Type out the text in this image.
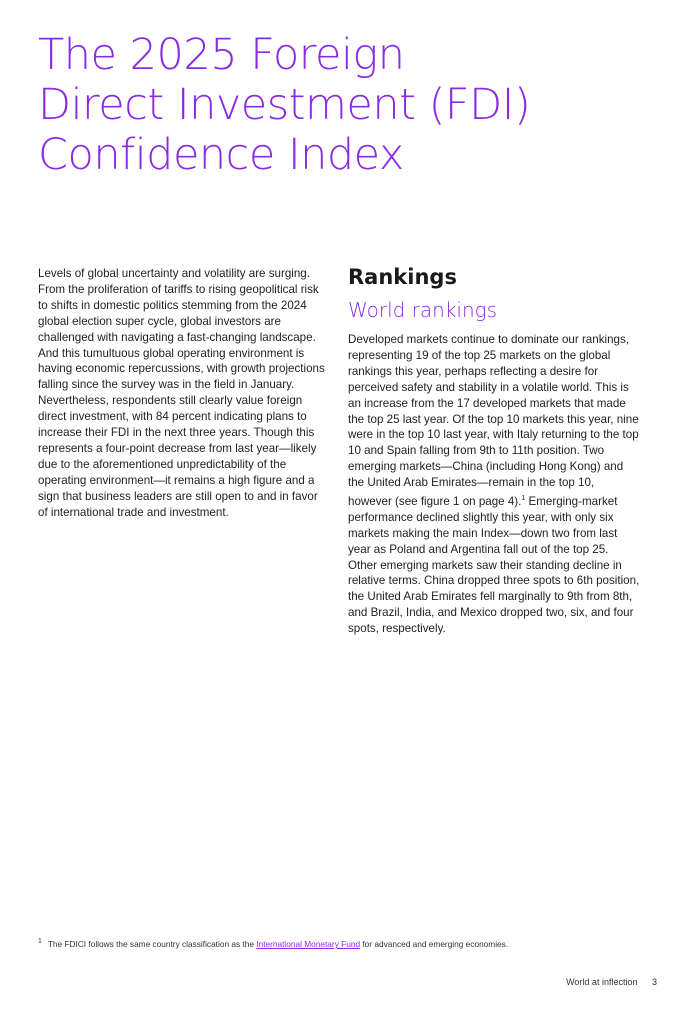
The 2025 Foreign
Direct Investment (FDI)
Confidence Index

Levels of global uncertainty and volatility are surging. From the proliferation of tariffs to rising geopolitical risk to shifts in domestic politics stemming from the 2024 global election super cycle, global investors are challenged with navigating a fast-changing landscape. And this tumultuous global operating environment is having economic repercussions, with growth projections falling since the survey was in the field in January. Nevertheless, respondents still clearly value foreign direct investment, with 84 percent indicating plans to increase their FDI in the next three years. Though this represents a four-point decrease from last year—likely due to the aforementioned unpredictability of the operating environment—it remains a high figure and a sign that business leaders are still open to and in favor of international trade and investment.

Rankings
World rankings

Developed markets continue to dominate our rankings, representing 19 of the top 25 markets on the global rankings this year, perhaps reflecting a desire for perceived safety and stability in a volatile world. This is an increase from the 17 developed markets that made the top 25 last year. Of the top 10 markets this year, nine were in the top 10 last year, with Italy returning to the top 10 and Spain falling from 9th to 11th position. Two emerging markets—China (including Hong Kong) and the United Arab Emirates—remain in the top 10, however (see figure 1 on page 4).$^1$ Emerging-market performance declined slightly this year, with only six markets making the main Index—down two from last year as Poland and Argentina fall out of the top 25. Other emerging markets saw their standing decline in relative terms. China dropped three spots to 6th position, the United Arab Emirates fell marginally to 9th from 8th, and Brazil, India, and Mexico dropped two, six, and four spots, respectively.

$^1$ The FDICI follows the same country classification as the International Monetary Fund for advanced and emerging economies.

World at inflection 3
